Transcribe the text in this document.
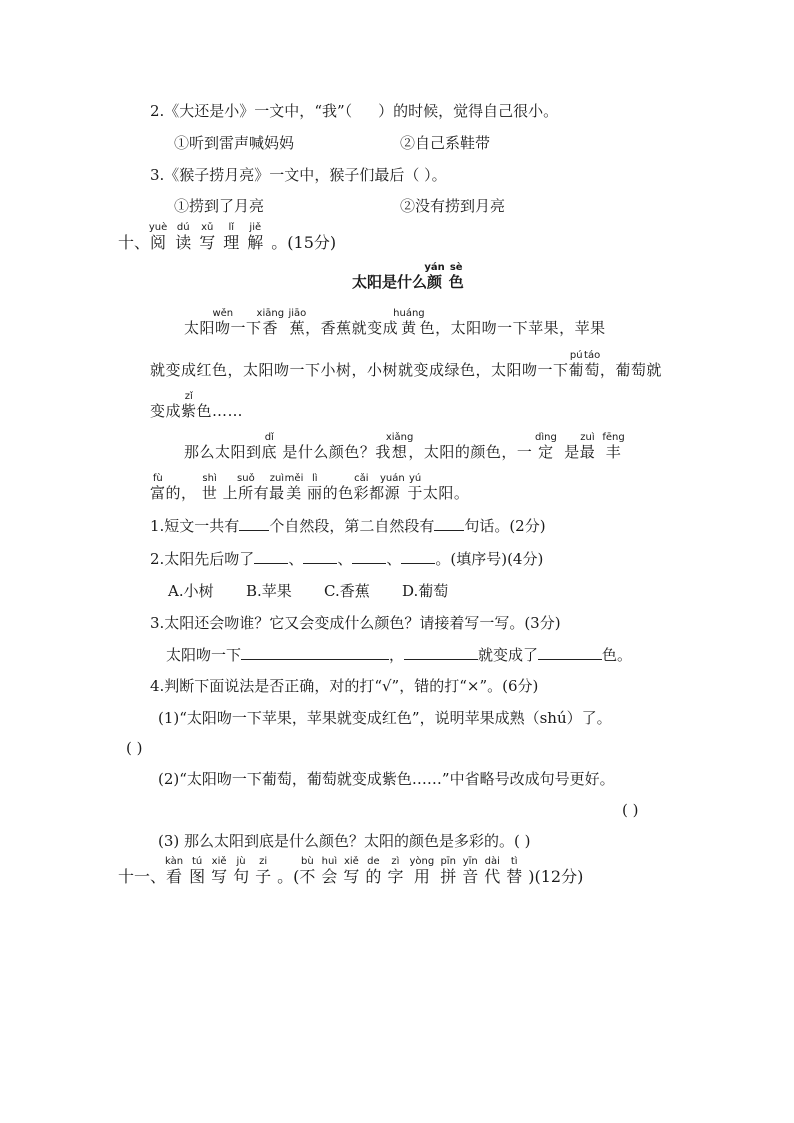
2.《大还是小》一文中，“我”（ ）的时候，觉得自己很小。
①听到雷声喊妈妈	②自己系鞋带
3.《猴子捞月亮》一文中，猴子们最后（ ）。
①捞到了月亮	②没有捞到月亮
十、阅yuè读dú写xǔ理lǐ解jiě。(15分)
太阳是什么颜yán色sè
太阳吻wěn一下香xiāng  蕉jiāo，香蕉就变成黄huáng色，太阳吻一下苹果，苹果
就变成红色，太阳吻一下小树，小树就变成绿色，太阳吻一下葡pú萄táo，葡萄就
变成紫zǐ色……
那么太阳到底dǐ 是什么颜色？我想xiǎng，太阳的颜色，一 定dìng  是最zuì  丰fēng
富fù的， 世shì 上所suǒ有最zuì美měi 丽lì的色彩cǎi都源yuán 于yú太阳。
1.短文一共有 个自然段，第二自然段有 句话。(2分)
2.太阳先后吻了 、 、 、 。(填序号)(4分)
A.小树 B.苹果 C.香蕉 D.葡萄
3.太阳还会吻谁？它又会变成什么颜色？请接着写一写。(3分)
太阳吻一下	，	就变成了	色。
4.判断下面说法是否正确，对的打“√”，错的打“×”。(6分)
(1)“太阳吻一下苹果，苹果就变成红色”，说明苹果成熟（shú）了。
( )
(2)“太阳吻一下葡萄，葡萄就变成紫色……”中省略号改成句号更好。
( )
(3) 那么太阳到底是什么颜色？太阳的颜色是多彩的。( )
十一、看kàn图tú写xiě句jù子zi。(不bù会huì写xiě的de字zì用yòng拼pīn音yīn代dài替tì)(12分)
